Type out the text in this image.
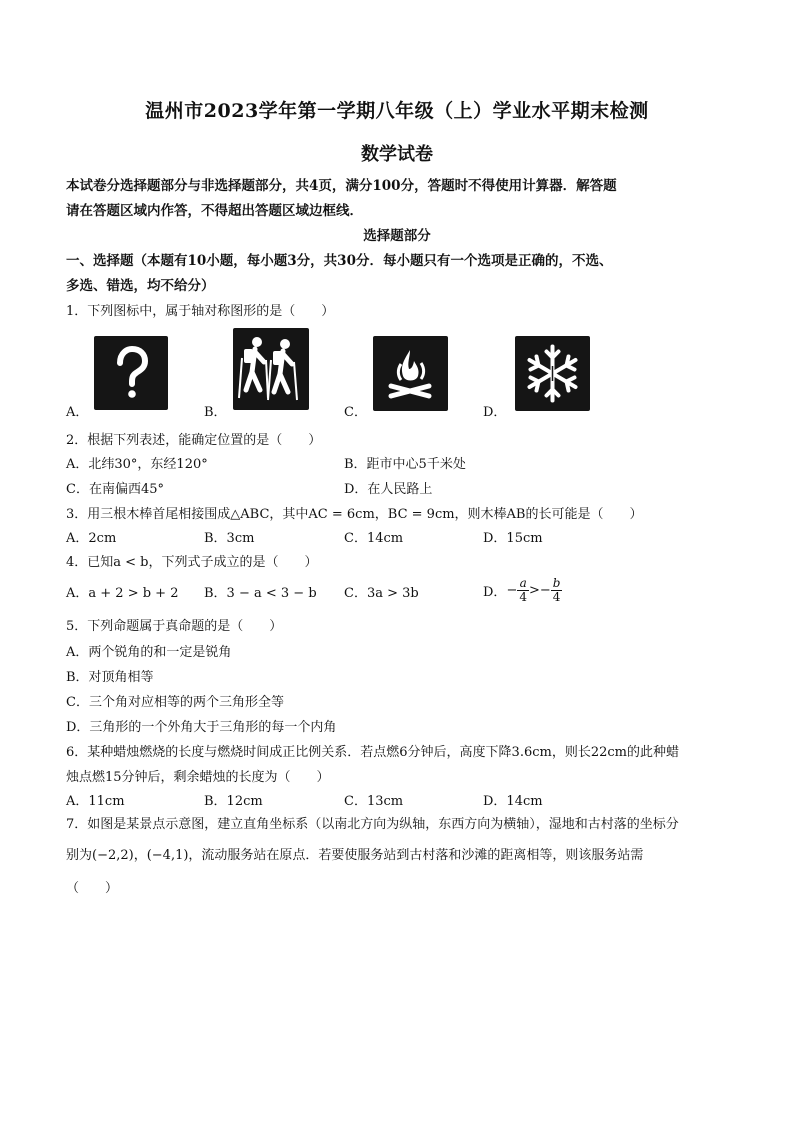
温州市2023学年第一学期八年级（上）学业水平期末检测
数学试卷
本试卷分选择题部分与非选择题部分，共4页，满分100分，答题时不得使用计算器．解答题
请在答题区域内作答，不得超出答题区域边框线．
选择题部分
一、选择题（本题有10小题，每小题3分，共30分．每小题只有一个选项是正确的，不选、
多选、错选，均不给分）
1．下列图标中，属于轴对称图形的是（　　）
A．	B．	C．	D．
2．根据下列表述，能确定位置的是（　　）
A．北纬30°，东经120°	B．距市中心5千米处
C．在南偏西45°	D．在人民路上
3．用三根木棒首尾相接围成△ABC，其中AC = 6cm，BC = 9cm，则木棒AB的长可能是（　　）
A．2cm	B．3cm	C．14cm	D．15cm
4．已知a < b，下列式子成立的是（　　）
A．a + 2 > b + 2 B．3 − a < 3 − b C．3a > 3b	D． − $\frac{a}{4} >- \frac{b}{4}$
5．下列命题属于真命题的是（　　）
A．两个锐角的和一定是锐角
B．对顶角相等
C．三个角对应相等的两个三角形全等
D．三角形的一个外角大于三角形的每一个内角
6．某种蜡烛燃烧的长度与燃烧时间成正比例关系．若点燃6分钟后，高度下降3.6cm，则长22cm的此种蜡
烛点燃15分钟后，剩余蜡烛的长度为（　　）
A．11cm	B．12cm	C．13cm	D．14cm
7．如图是某景点示意图，建立直角坐标系（以南北方向为纵轴，东西方向为横轴），湿地和古村落的坐标分
别为(−2,2)，(−4,1)，流动服务站在原点．若要使服务站到古村落和沙滩的距离相等，则该服务站需
（　　）
